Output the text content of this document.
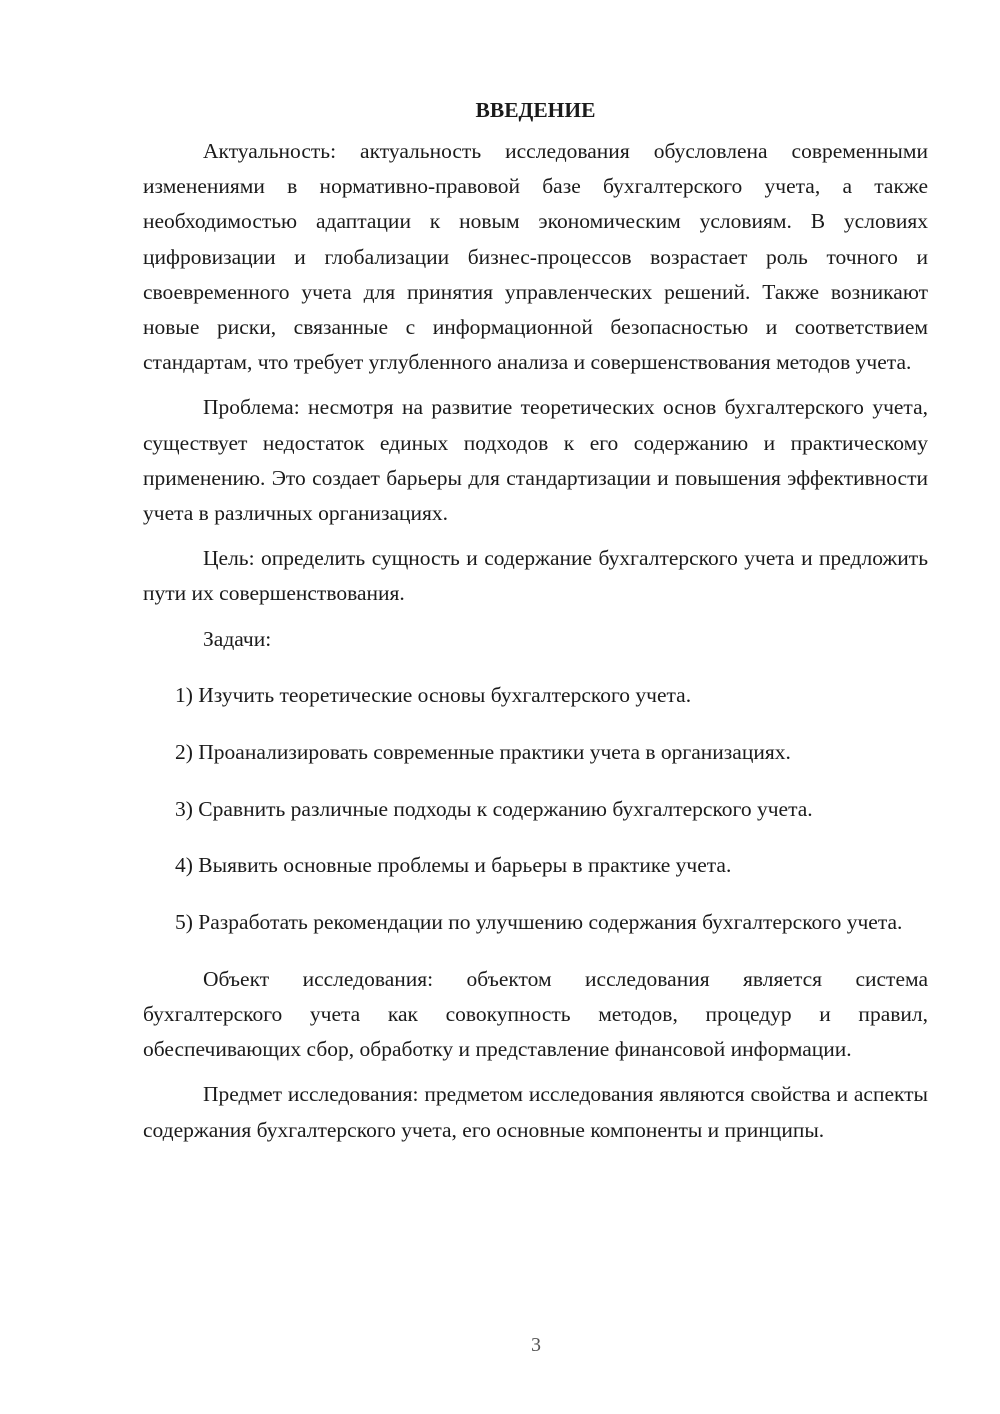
ВВЕДЕНИЕ

Актуальность: актуальность исследования обусловлена современными изменениями в нормативно-правовой базе бухгалтерского учета, а также необходимостью адаптации к новым экономическим условиям. В условиях цифровизации и глобализации бизнес-процессов возрастает роль точного и своевременного учета для принятия управленческих решений. Также возникают новые риски, связанные с информационной безопасностью и соответствием стандартам, что требует углубленного анализа и совершенствования методов учета.

Проблема: несмотря на развитие теоретических основ бухгалтерского учета, существует недостаток единых подходов к его содержанию и практическому применению. Это создает барьеры для стандартизации и повышения эффективности учета в различных организациях.

Цель: определить сущность и содержание бухгалтерского учета и предложить пути их совершенствования.

Задачи:

1) Изучить теоретические основы бухгалтерского учета.

2) Проанализировать современные практики учета в организациях.

3) Сравнить различные подходы к содержанию бухгалтерского учета.

4) Выявить основные проблемы и барьеры в практике учета.

5) Разработать рекомендации по улучшению содержания бухгалтерского учета.

Объект исследования: объектом исследования является система бухгалтерского учета как совокупность методов, процедур и правил, обеспечивающих сбор, обработку и представление финансовой информации.

Предмет исследования: предметом исследования являются свойства и аспекты содержания бухгалтерского учета, его основные компоненты и принципы.

3
